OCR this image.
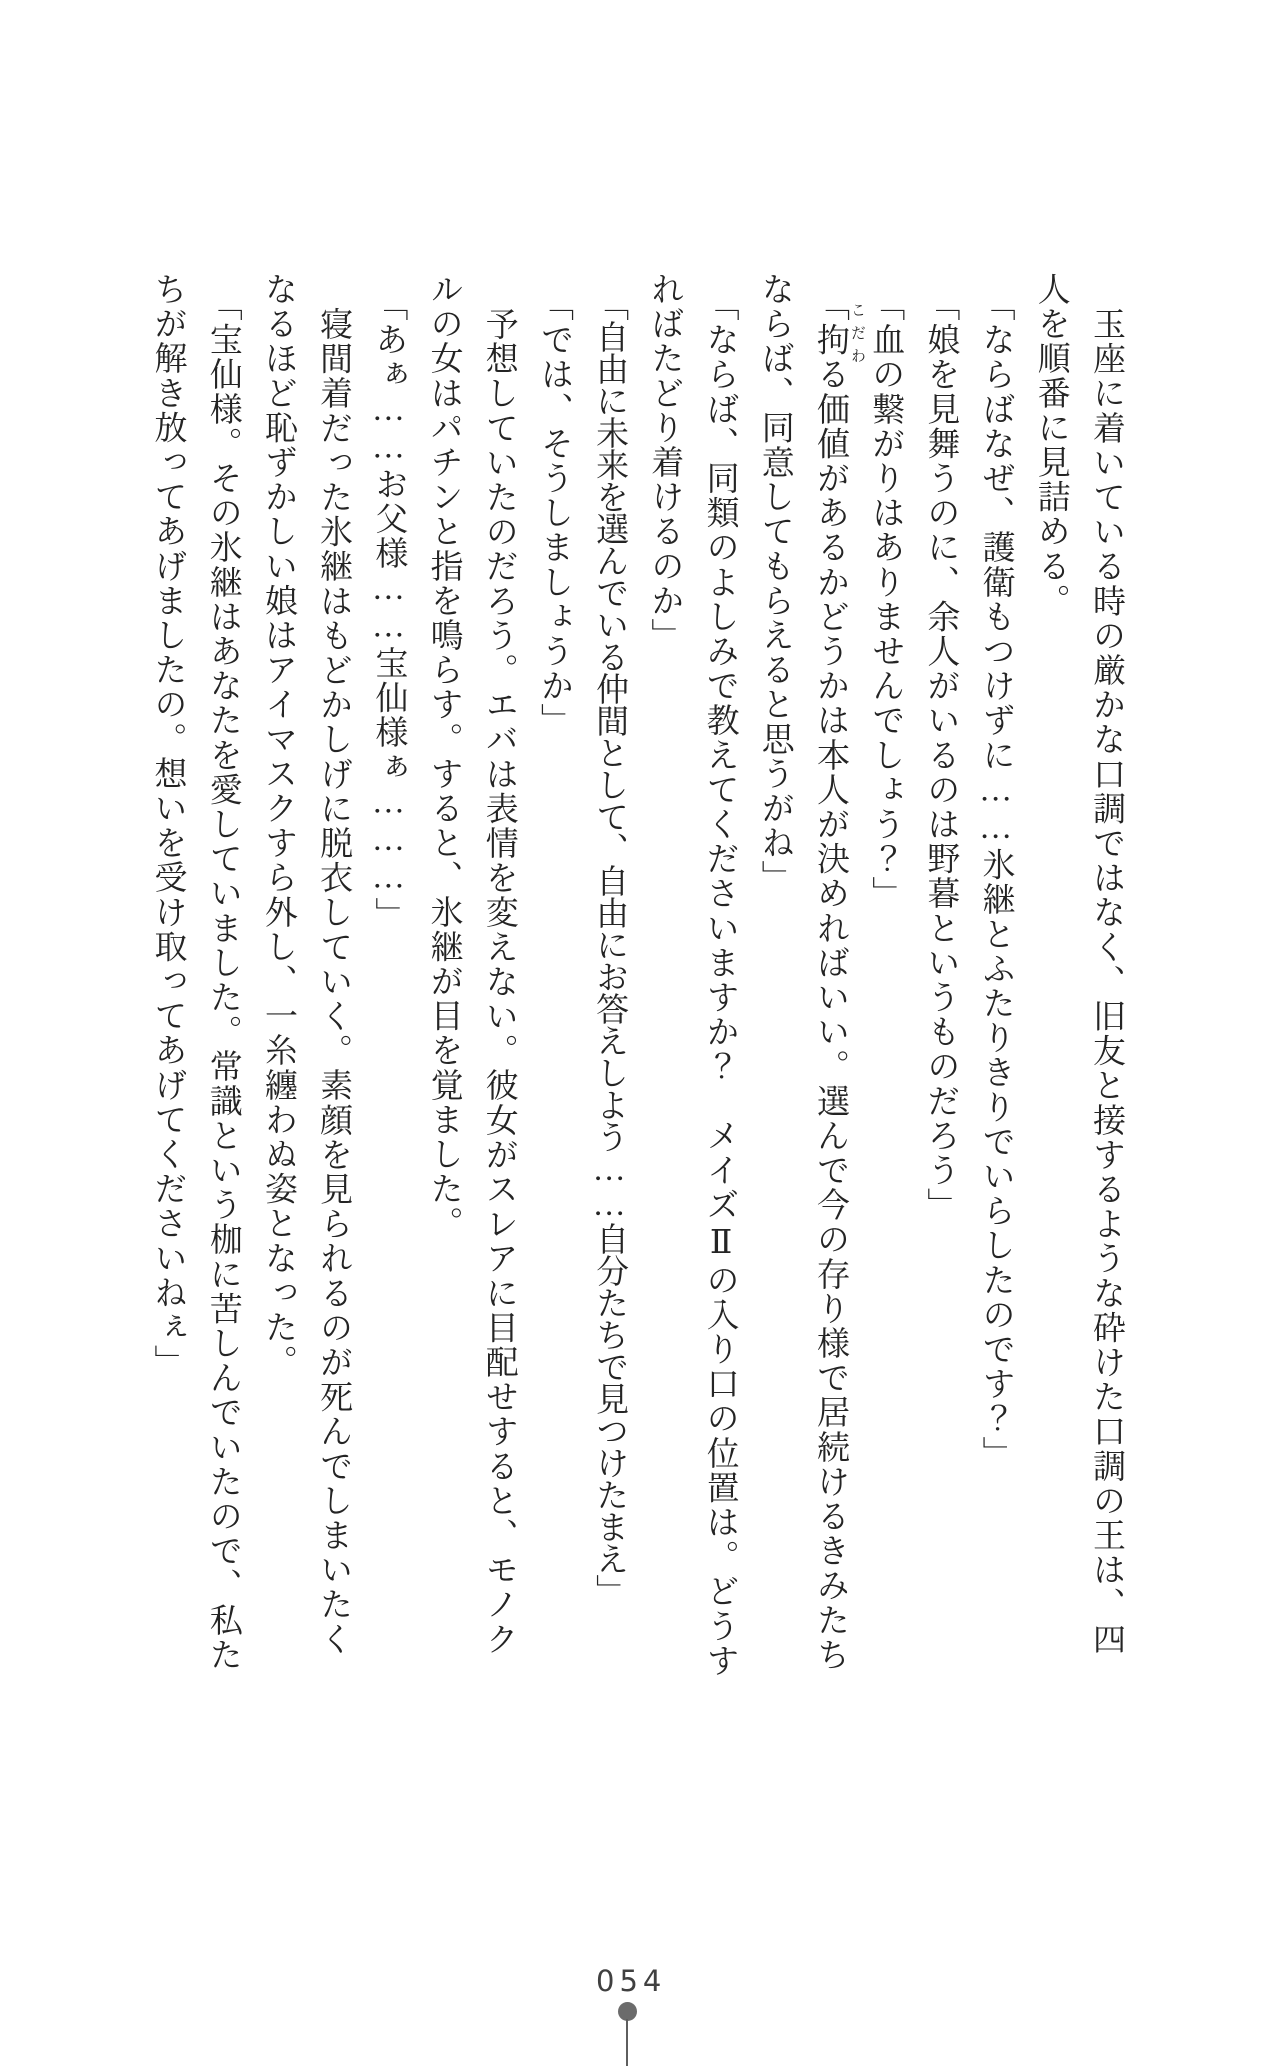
玉座に着いている時の厳かな口調ではなく、旧友と接するような砕けた口調の王は、四

人を順番に見詰める。

「ならばなぜ、護衛もつけずに……氷継とふたりきりでいらしたのです？」

「娘を見舞うのに、余人がいるのは野暮というものだろう」

「血の繋がりはありませんでしょう？」

「拘る価値があるかどうかは本人が決めればいい。選んで今の存り様で居続けるきみたち

ならば、同意してもらえると思うがね」

「ならば、同類のよしみで教えてくださいますか？　メイズⅡの入り口の位置は。どうす

ればたどり着けるのか」

「自由に未来を選んでいる仲間として、自由にお答えしよう……自分たちで見つけたまえ」

「では、そうしましょうか」

予想していたのだろう。エバは表情を変えない。彼女がスレアに目配せすると、モノク

ルの女はパチンと指を鳴らす。すると、氷継が目を覚ました。

「あぁ……お父様……宝仙様ぁ………」

寝間着だった氷継はもどかしげに脱衣していく。素顔を見られるのが死んでしまいたく

なるほど恥ずかしい娘はアイマスクすら外し、一糸纏わぬ姿となった。

「宝仙様。その氷継はあなたを愛していました。常識という枷に苦しんでいたので、私た

ちが解き放ってあげましたの。想いを受け取ってあげてくださいねぇ」	こだわ
054
